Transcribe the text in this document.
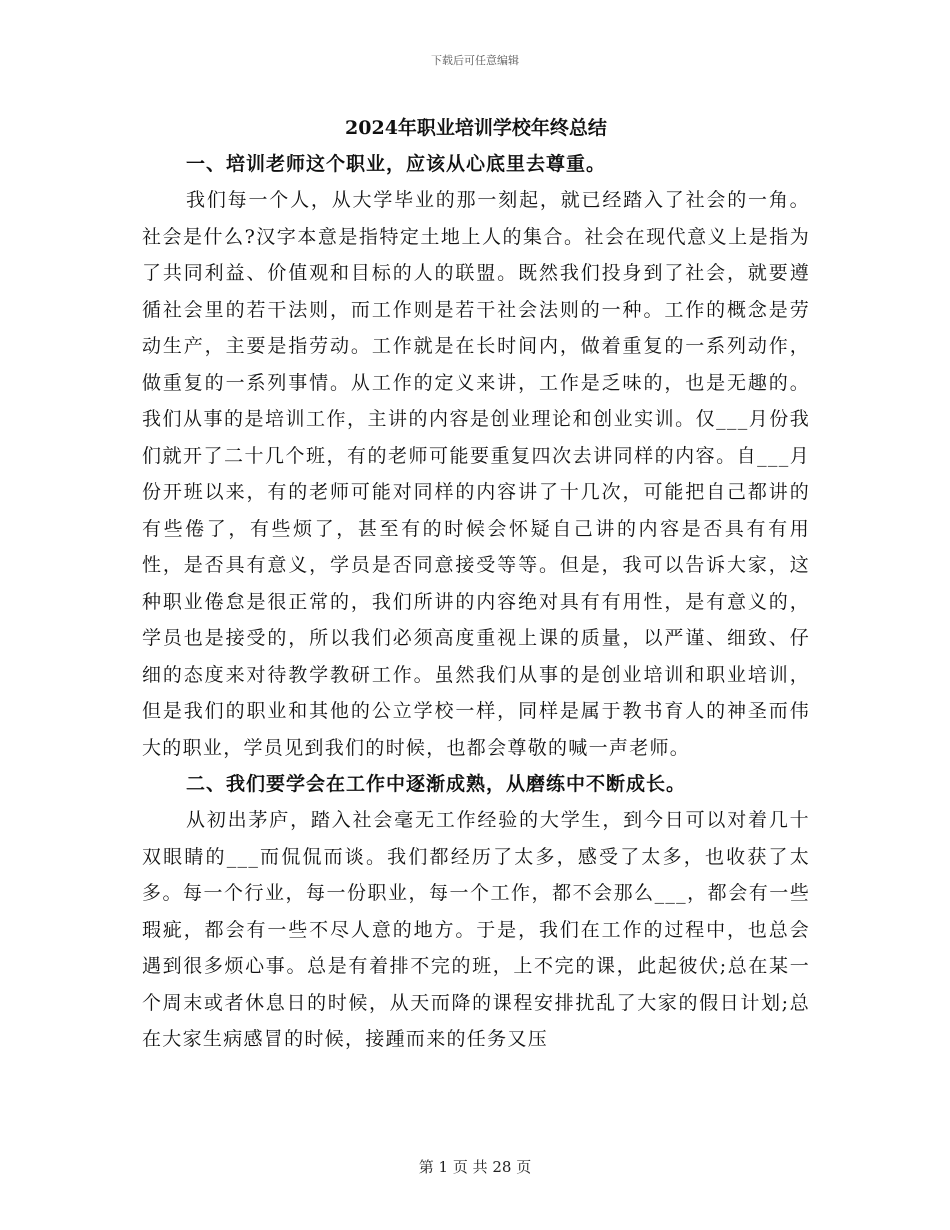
下载后可任意编辑
2024年职业培训学校年终总结
一、培训老师这个职业，应该从心底里去尊重。

我们每一个人，从大学毕业的那一刻起，就已经踏入了社会的一角。社会是什么?汉字本意是指特定土地上人的集合。社会在现代意义上是指为了共同利益、价值观和目标的人的联盟。既然我们投身到了社会，就要遵循社会里的若干法则，而工作则是若干社会法则的一种。工作的概念是劳动生产，主要是指劳动。工作就是在长时间内，做着重复的一系列动作，做重复的一系列事情。从工作的定义来讲，工作是乏味的，也是无趣的。我们从事的是培训工作，主讲的内容是创业理论和创业实训。仅___月份我们就开了二十几个班，有的老师可能要重复四次去讲同样的内容。自___月份开班以来，有的老师可能对同样的内容讲了十几次，可能把自己都讲的有些倦了，有些烦了，甚至有的时候会怀疑自己讲的内容是否具有有用性，是否具有意义，学员是否同意接受等等。但是，我可以告诉大家，这种职业倦怠是很正常的，我们所讲的内容绝对具有有用性，是有意义的，学员也是接受的，所以我们必须高度重视上课的质量，以严谨、细致、仔细的态度来对待教学教研工作。虽然我们从事的是创业培训和职业培训，但是我们的职业和其他的公立学校一样，同样是属于教书育人的神圣而伟大的职业，学员见到我们的时候，也都会尊敬的喊一声老师。

二、我们要学会在工作中逐渐成熟，从磨练中不断成长。

从初出茅庐，踏入社会毫无工作经验的大学生，到今日可以对着几十双眼睛的___而侃侃而谈。我们都经历了太多，感受了太多，也收获了太多。每一个行业，每一份职业，每一个工作，都不会那么___，都会有一些瑕疵，都会有一些不尽人意的地方。于是，我们在工作的过程中，也总会遇到很多烦心事。总是有着排不完的班，上不完的课，此起彼伏;总在某一个周末或者休息日的时候，从天而降的课程安排扰乱了大家的假日计划;总在大家生病感冒的时候，接踵而来的任务又压

第 1 页 共 28 页
